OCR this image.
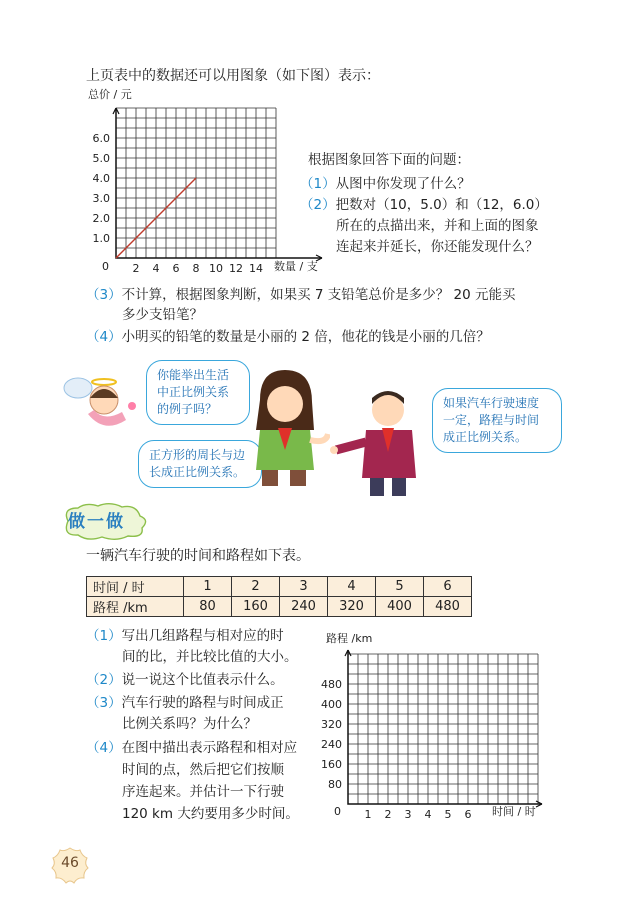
上页表中的数据还可以用图象（如下图）表示：
总价 / 元
数量 / 支
0
6.0
5.0
4.0
3.0
2.0
1.0
2 4 6 8 10 12 14
根据图象回答下面的问题：
（1）从图中你发现了什么？
（2）把数对（10，5.0）和（12，6.0）
所在的点描出来，并和上面的图象
连起来并延长，你还能发现什么？
（3）不计算，根据图象判断，如果买 7 支铅笔总价是多少？ 20 元能买
多少支铅笔？
（4）小明买的铅笔的数量是小丽的 2 倍，他花的钱是小丽的几倍？
你能举出生活
中正比例关系
的例子吗？
正方形的周长与边
长成正比例关系。
如果汽车行驶速度
一定，路程与时间
成正比例关系。
做一做
一辆汽车行驶的时间和路程如下表。
时间 / 时	1	2	3	4	5	6
路程 /km	80	160	240	320	400	480
（1）写出几组路程与相对应的时
间的比，并比较比值的大小。
（2）说一说这个比值表示什么。
（3）汽车行驶的路程与时间成正
比例关系吗？为什么？
（4）在图中描出表示路程和相对应
时间的点，然后把它们按顺
序连起来。并估计一下行驶
120 km 大约要用多少时间。
路程 /km
时间 / 时
0
480
400
320
240
160
80
1 2 3 4 5 6
46
